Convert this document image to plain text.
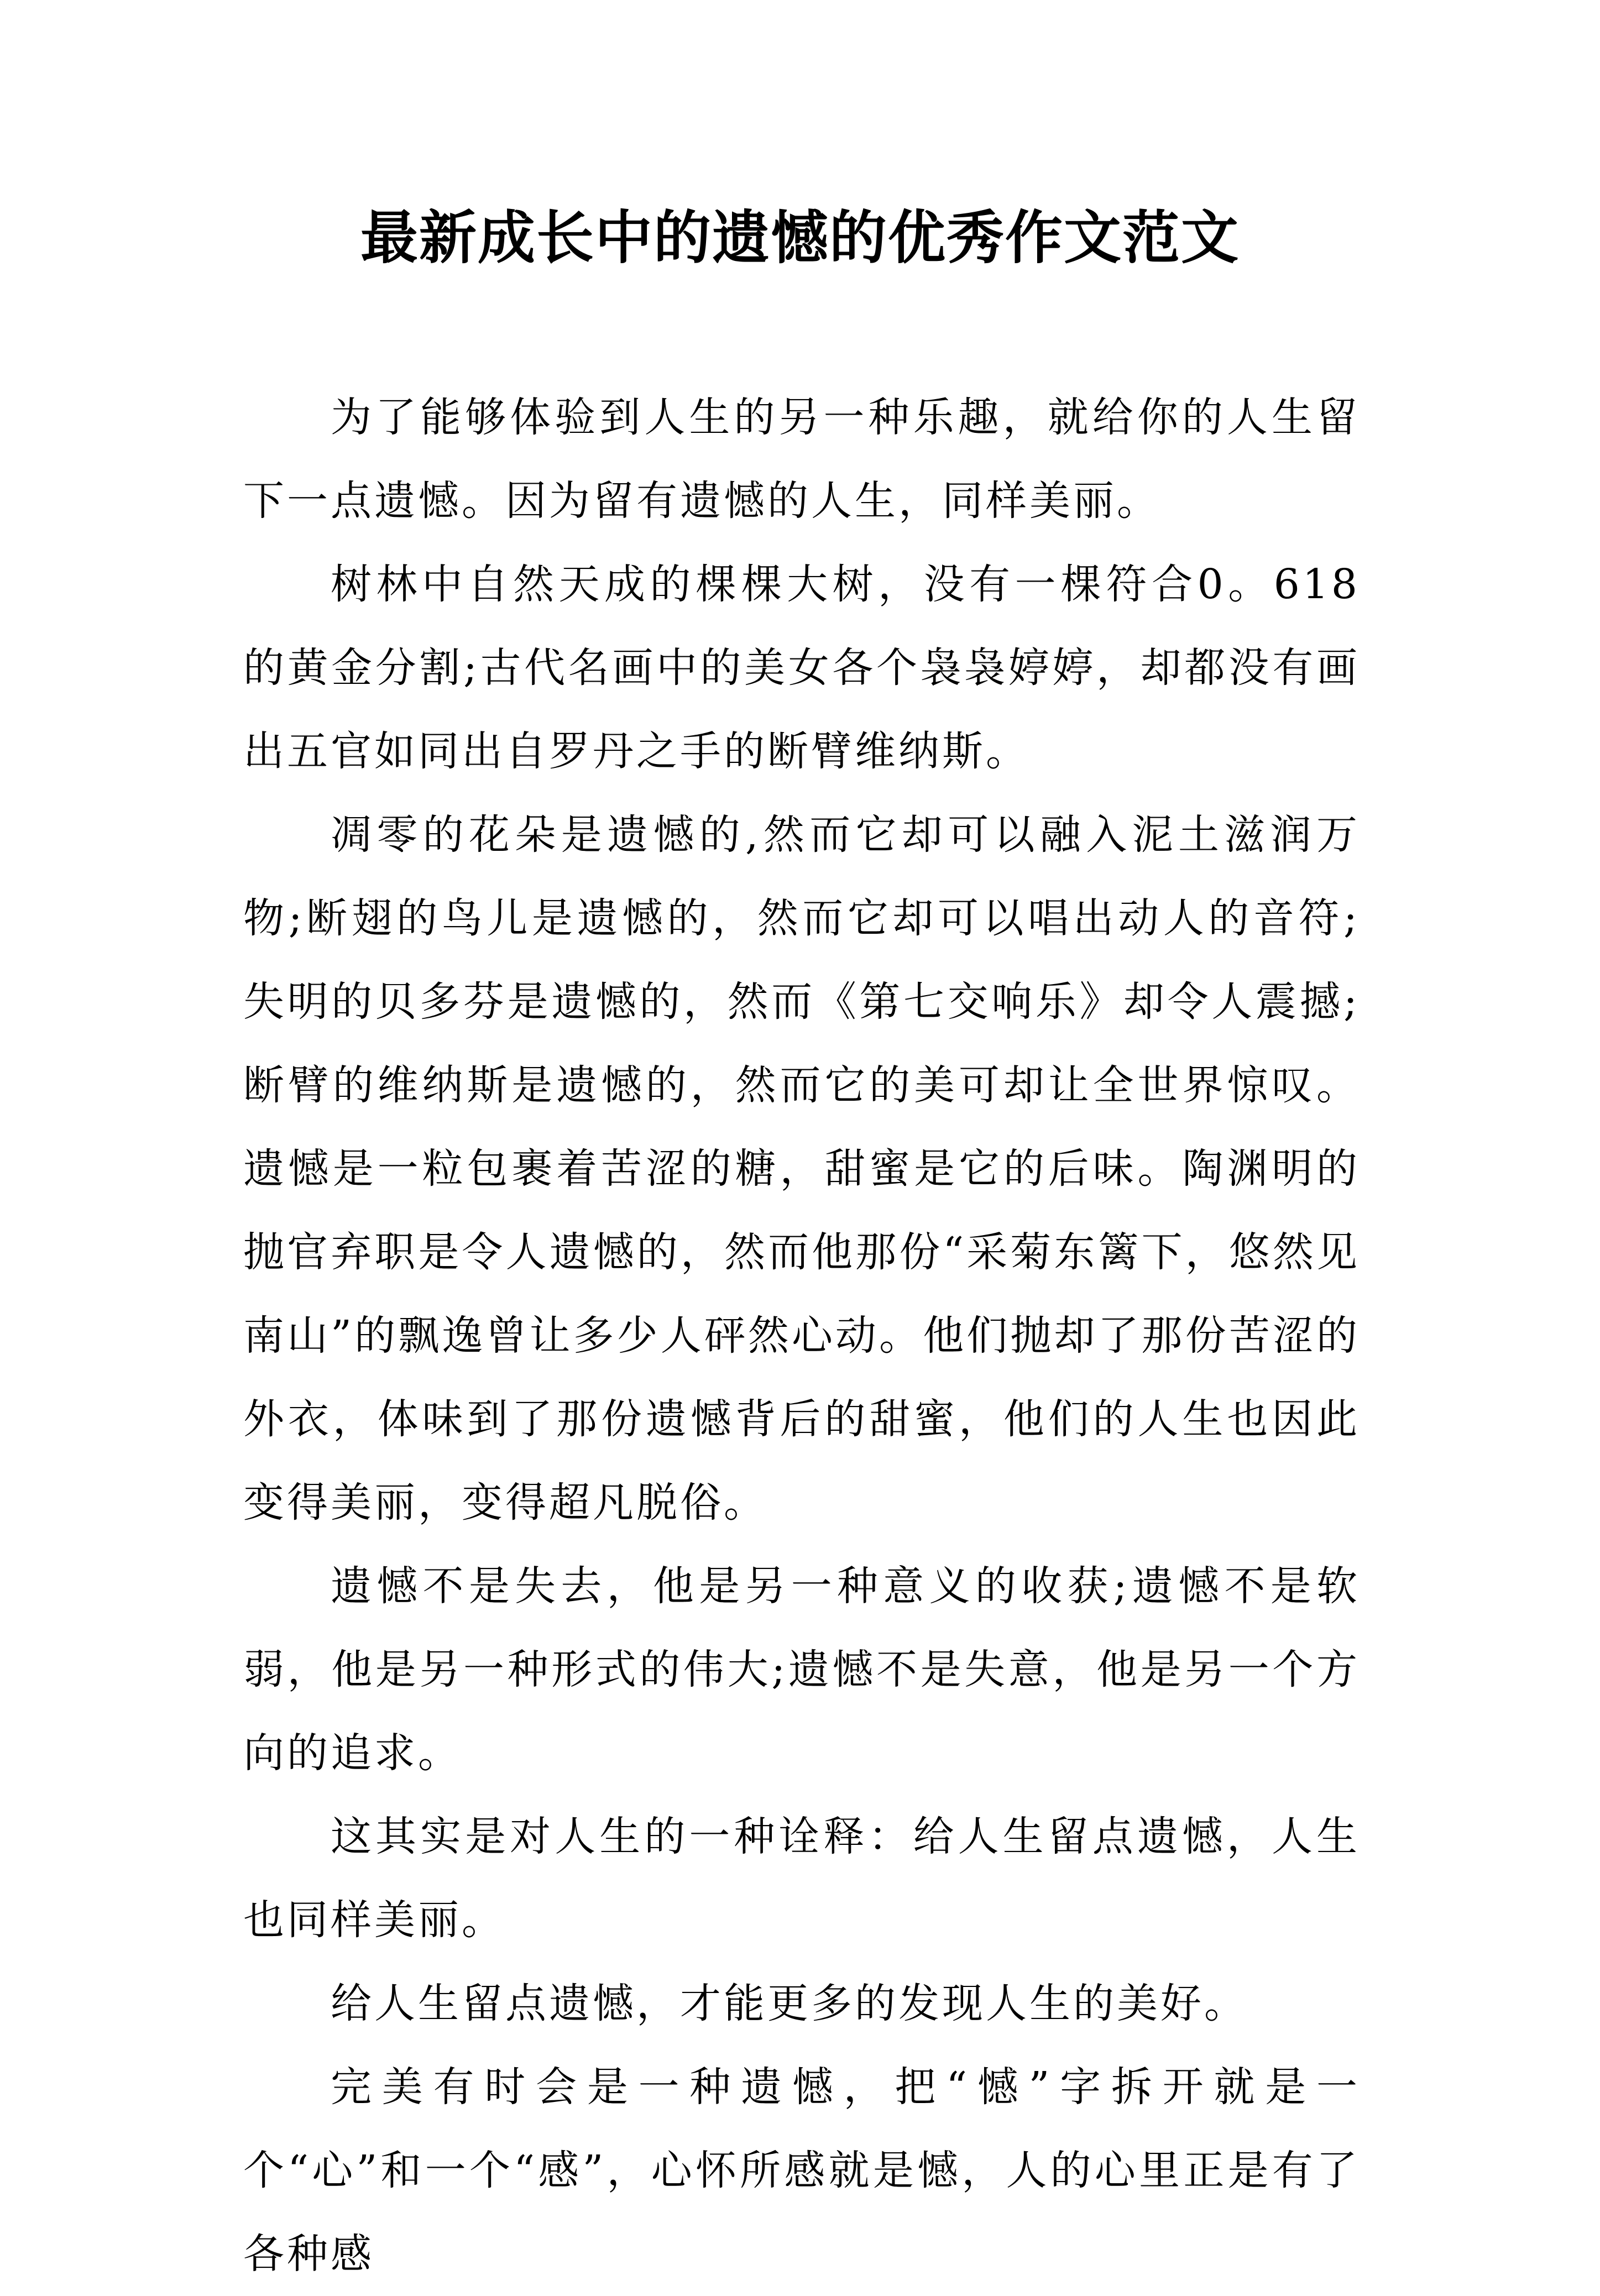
最新成长中的遗憾的优秀作文范文

为了能够体验到人生的另一种乐趣，就给你的人生留下一点遗憾。因为留有遗憾的人生，同样美丽。

树林中自然天成的棵棵大树，没有一棵符合0。618的黄金分割;古代名画中的美女各个袅袅婷婷，却都没有画出五官如同出自罗丹之手的断臂维纳斯。

凋零的花朵是遗憾的,然而它却可以融入泥土滋润万物;断翅的鸟儿是遗憾的，然而它却可以唱出动人的音符;失明的贝多芬是遗憾的，然而《第七交响乐》却令人震撼;断臂的维纳斯是遗憾的，然而它的美可却让全世界惊叹。遗憾是一粒包裹着苦涩的糖，甜蜜是它的后味。陶渊明的抛官弃职是令人遗憾的，然而他那份“采菊东篱下，悠然见南山”的飘逸曾让多少人砰然心动。他们抛却了那份苦涩的外衣，体味到了那份遗憾背后的甜蜜，他们的人生也因此变得美丽，变得超凡脱俗。

遗憾不是失去，他是另一种意义的收获;遗憾不是软弱，他是另一种形式的伟大;遗憾不是失意，他是另一个方向的追求。

这其实是对人生的一种诠释：给人生留点遗憾，人生也同样美丽。

给人生留点遗憾，才能更多的发现人生的美好。

完美有时会是一种遗憾，把“憾”字拆开就是一个“心”和一个“感”，心怀所感就是憾，人的心里正是有了各种感
